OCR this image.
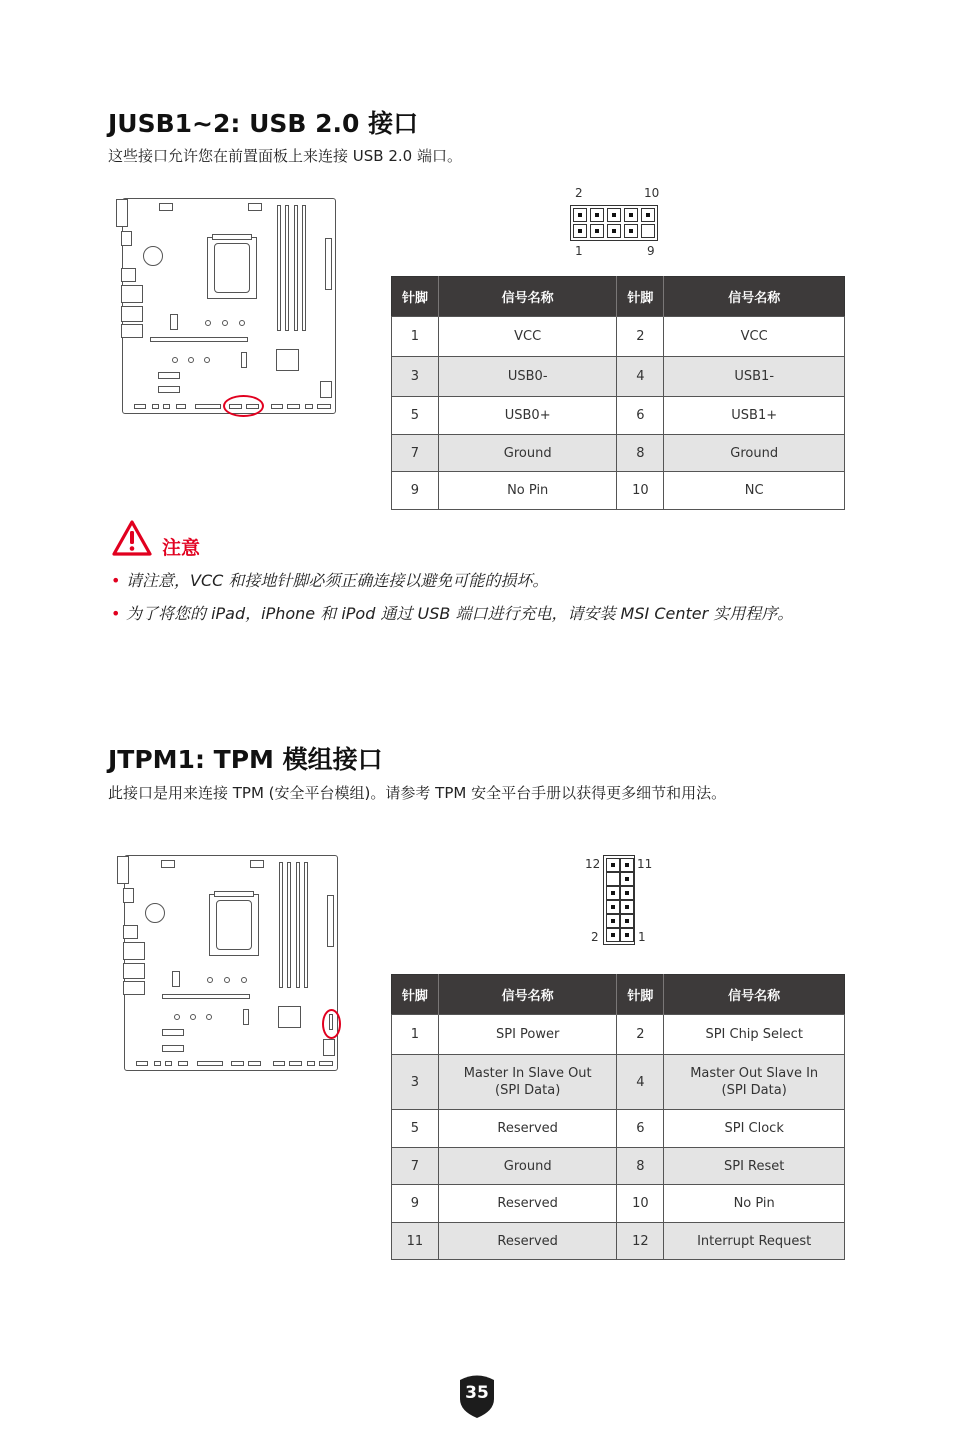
JUSB1~2: USB 2.0 接口

这些接口允许您在前置面板上来连接 USB 2.0 端口。

2	10
1	9
针脚	信号名称	针脚	信号名称
1	VCC	2	VCC
3	USB0-	4	USB1-
5	USB0+	6	USB1+
7	Ground	8	Ground
9	No Pin	10	NC
注意
• 请注意，VCC 和接地针脚必须正确连接以避免可能的损坏。
• 为了将您的 iPad，iPhone 和 iPod 通过 USB 端口进行充电，请安装 MSI Center 实用程序。
JTPM1: TPM 模组接口

此接口是用来连接 TPM (安全平台模组)。请参考 TPM 安全平台手册以获得更多细节和用法。

12	11
2	1
针脚	信号名称	针脚	信号名称
1	SPI Power	2	SPI Chip Select
3	Master In Slave Out (SPI Data)	4	Master Out Slave In (SPI Data)
5	Reserved	6	SPI Clock
7	Ground	8	SPI Reset
9	Reserved	10	No Pin
11	Reserved	12	Interrupt Request
35
